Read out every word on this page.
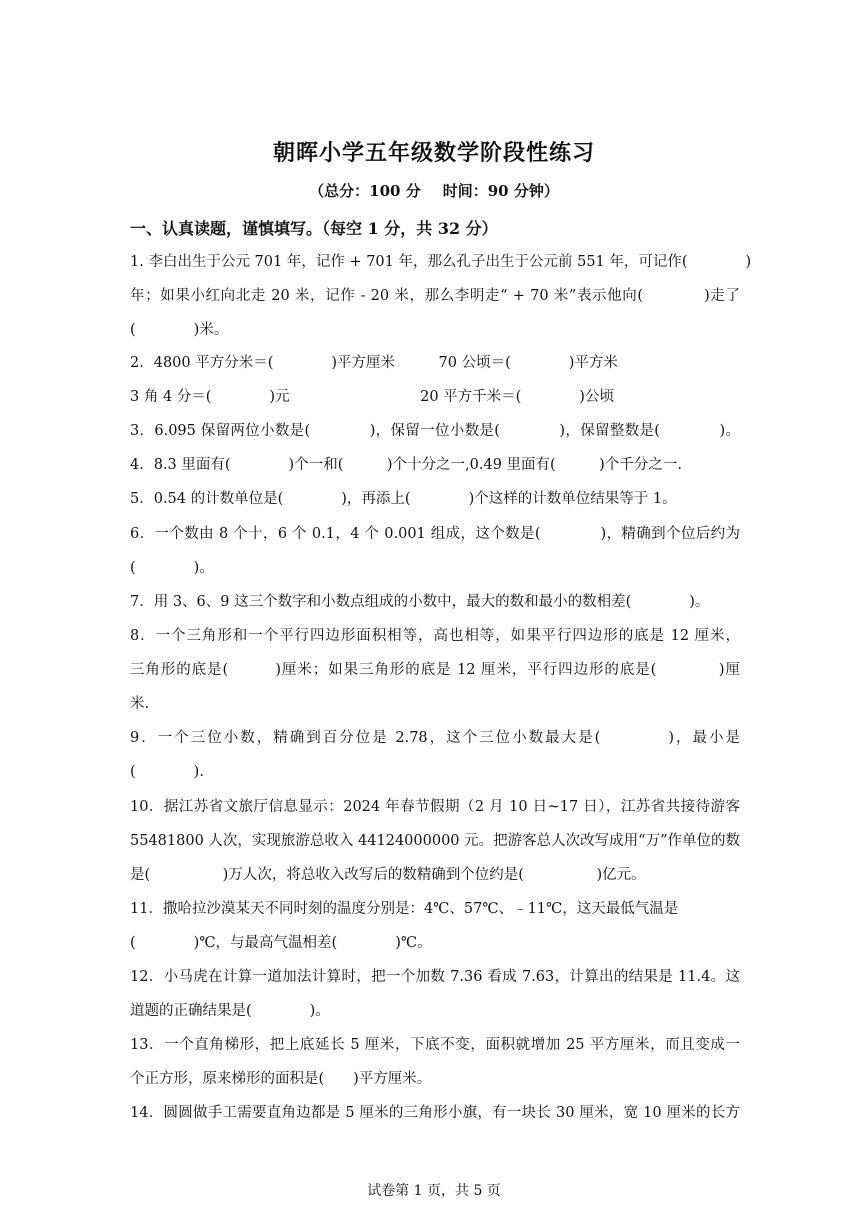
朝晖小学五年级数学阶段性练习
（总分：100 分 时间：90 分钟）
一、认真读题，谨慎填写。（每空 1 分，共 32 分）
1. 李白出生于公元 701 年，记作 + 701 年，那么孔子出生于公元前 551 年，可记作(　　　　)
年；如果小红向北走 20 米，记作 - 20 米，那么李明走“ + 70 米”表示他向(　　　　)走了
(　　　　)米。
2．4800 平方分米＝(　　　　)平方厘米　　　70 公顷＝(　　　　)平方米
3 角 4 分＝(　　　　)元　　　　　　　　　20 平方千米＝(　　　　)公顷
3．6.095 保留两位小数是(　　　　)，保留一位小数是(　　　　)，保留整数是(　　　　)。
4．8.3 里面有(　　　　)个一和(　　　)个十分之一,0.49 里面有(　　　)个千分之一.
5．0.54 的计数单位是(　　　　)，再添上(　　　　)个这样的计数单位结果等于 1。
6．一个数由 8 个十，6 个 0.1，4 个 0.001 组成，这个数是(　　　　)，精确到个位后约为
(　　　　)。
7．用 3、6、9 这三个数字和小数点组成的小数中，最大的数和最小的数相差(　　　　)。
8．一个三角形和一个平行四边形面积相等，高也相等，如果平行四边形的底是 12 厘米，
三角形的底是(　　　)厘米；如果三角形的底是 12 厘米，平行四边形的底是(　　　　)厘
米.
9．一个三位小数，精确到百分位是 2.78，这个三位小数最大是(　　　　)，最小是
(　　　　).
10．据江苏省文旅厅信息显示：2024 年春节假期（2 月 10 日~17 日），江苏省共接待游客
55481800 人次，实现旅游总收入 44124000000 元。把游客总人次改写成用“万”作单位的数
是(　　　　　)万人次，将总收入改写后的数精确到个位约是(　　　　　)亿元。
11．撒哈拉沙漠某天不同时刻的温度分别是：4℃、57℃、﹣11℃，这天最低气温是
(　　　　)℃，与最高气温相差(　　　　)℃。
12．小马虎在计算一道加法计算时，把一个加数 7.36 看成 7.63，计算出的结果是 11.4。这
道题的正确结果是(　　　　)。
13．一个直角梯形，把上底延长 5 厘米，下底不变，面积就增加 25 平方厘米，而且变成一
个正方形，原来梯形的面积是(　　)平方厘米。
14．圆圆做手工需要直角边都是 5 厘米的三角形小旗，有一块长 30 厘米，宽 10 厘米的长方
试卷第 1 页，共 5 页
